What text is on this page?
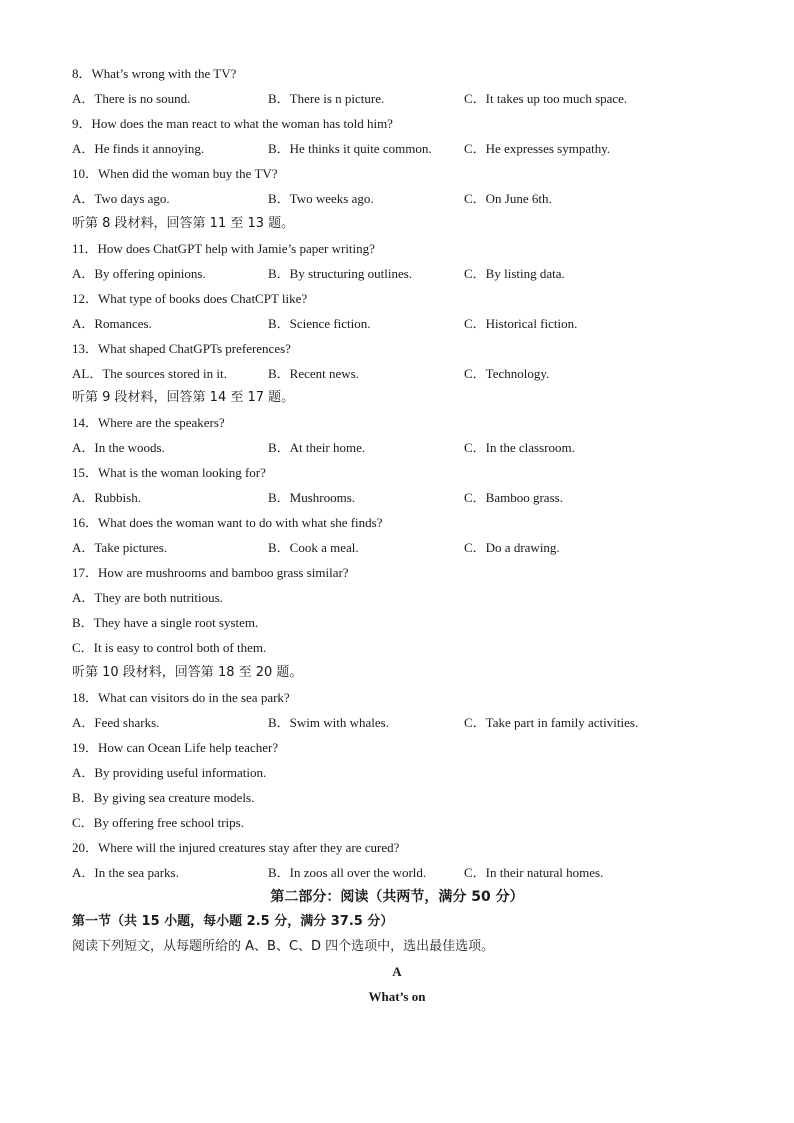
8．What’s wrong with the TV?
A．There is no sound.	B．There is n picture.	C．It takes up too much space.
9．How does the man react to what the woman has told him?
A．He finds it annoying.	B．He thinks it quite common. C．He expresses sympathy.
10．When did the woman buy the TV?
A．Two days ago.	B．Two weeks ago.	C．On June 6th.
听第 8 段材料，回答第 11 至 13 题。
11．How does ChatGPT help with Jamie’s paper writing?
A．By offering opinions.	B．By structuring outlines.	C．By listing data.
12．What type of books does ChatCPT like?
A．Romances.	B．Science fiction.	C．Historical fiction.
13．What shaped ChatGPTs preferences?
AL．The sources stored in it.	B．Recent news.	C．Technology.
听第 9 段材料，回答第 14 至 17 题。
14．Where are the speakers?
A．In the woods.	B．At their home.	C．In the classroom.
15．What is the woman looking for?
A．Rubbish.	B．Mushrooms.	C．Bamboo grass.
16．What does the woman want to do with what she finds?
A．Take pictures.	B．Cook a meal.	C．Do a drawing.
17．How are mushrooms and bamboo grass similar?
A．They are both nutritious.
B．They have a single root system.
C．It is easy to control both of them.
听第 10 段材料，回答第 18 至 20 题。
18．What can visitors do in the sea park?
A．Feed sharks.	B．Swim with whales.	C．Take part in family activities.
19．How can Ocean Life help teacher?
A．By providing useful information.
B．By giving sea creature models.
C．By offering free school trips.
20．Where will the injured creatures stay after they are cured?
A．In the sea parks.	B．In zoos all over the world.	C．In their natural homes.
第二部分：阅读（共两节，满分 50 分）
第一节（共 15 小题，每小题 2.5 分，满分 37.5 分）
阅读下列短文，从每题所给的 A、B、C、D 四个选项中，选出最佳选项。
A
What’s on
